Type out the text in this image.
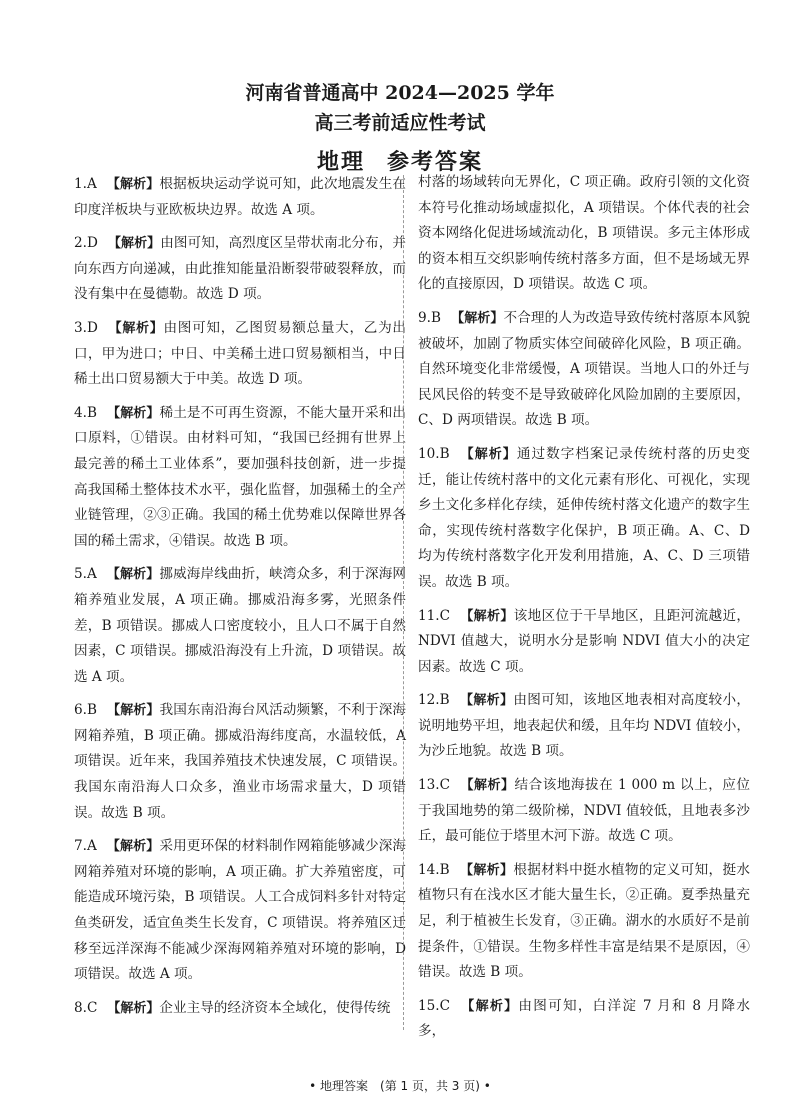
河南省普通高中 2024—2025 学年
高三考前适应性考试
地理 参考答案
1.A 【解析】根据板块运动学说可知，此次地震发生在印度洋板块与亚欧板块边界。故选 A 项。
2.D 【解析】由图可知，高烈度区呈带状南北分布，并向东西方向递减，由此推知能量沿断裂带破裂释放，而没有集中在曼德勒。故选 D 项。
3.D 【解析】由图可知，乙图贸易额总量大，乙为出口，甲为进口；中日、中美稀土进口贸易额相当，中日稀土出口贸易额大于中美。故选 D 项。
4.B 【解析】稀土是不可再生资源，不能大量开采和出口原料，①错误。由材料可知，“我国已经拥有世界上最完善的稀土工业体系”，要加强科技创新，进一步提高我国稀土整体技术水平，强化监督，加强稀土的全产业链管理，②③正确。我国的稀土优势难以保障世界各国的稀土需求，④错误。故选 B 项。
5.A 【解析】挪威海岸线曲折，峡湾众多，利于深海网箱养殖业发展，A 项正确。挪威沿海多雾，光照条件差，B 项错误。挪威人口密度较小，且人口不属于自然因素，C 项错误。挪威沿海没有上升流，D 项错误。故选 A 项。
6.B 【解析】我国东南沿海台风活动频繁，不利于深海网箱养殖，B 项正确。挪威沿海纬度高，水温较低，A 项错误。近年来，我国养殖技术快速发展，C 项错误。我国东南沿海人口众多，渔业市场需求量大，D 项错误。故选 B 项。
7.A 【解析】采用更环保的材料制作网箱能够减少深海网箱养殖对环境的影响，A 项正确。扩大养殖密度，可能造成环境污染，B 项错误。人工合成饲料多针对特定鱼类研发，适宜鱼类生长发育，C 项错误。将养殖区迁移至远洋深海不能减少深海网箱养殖对环境的影响，D 项错误。故选 A 项。
8.C 【解析】企业主导的经济资本全域化，使得传统
村落的场域转向无界化，C 项正确。政府引领的文化资本符号化推动场域虚拟化，A 项错误。个体代表的社会资本网络化促进场域流动化，B 项错误。多元主体形成的资本相互交织影响传统村落多方面，但不是场域无界化的直接原因，D 项错误。故选 C 项。
9.B 【解析】不合理的人为改造导致传统村落原本风貌被破坏，加剧了物质实体空间破碎化风险，B 项正确。自然环境变化非常缓慢，A 项错误。当地人口的外迁与民风民俗的转变不是导致破碎化风险加剧的主要原因，C、D 两项错误。故选 B 项。
10.B 【解析】通过数字档案记录传统村落的历史变迁，能让传统村落中的文化元素有形化、可视化，实现乡土文化多样化存续，延伸传统村落文化遗产的数字生命，实现传统村落数字化保护，B 项正确。A、C、D 均为传统村落数字化开发利用措施，A、C、D 三项错误。故选 B 项。
11.C 【解析】该地区位于干旱地区，且距河流越近，NDVI 值越大，说明水分是影响 NDVI 值大小的决定因素。故选 C 项。
12.B 【解析】由图可知，该地区地表相对高度较小，说明地势平坦，地表起伏和缓，且年均 NDVI 值较小，为沙丘地貌。故选 B 项。
13.C 【解析】结合该地海拔在 1 000 m 以上，应位于我国地势的第二级阶梯，NDVI 值较低，且地表多沙丘，最可能位于塔里木河下游。故选 C 项。
14.B 【解析】根据材料中挺水植物的定义可知，挺水植物只有在浅水区才能大量生长，②正确。夏季热量充足，利于植被生长发育，③正确。湖水的水质好不是前提条件，①错误。生物多样性丰富是结果不是原因，④错误。故选 B 项。
15.C 【解析】由图可知，白洋淀 7 月和 8 月降水多，
• 地理答案　(第 1 页，共 3 页) •
